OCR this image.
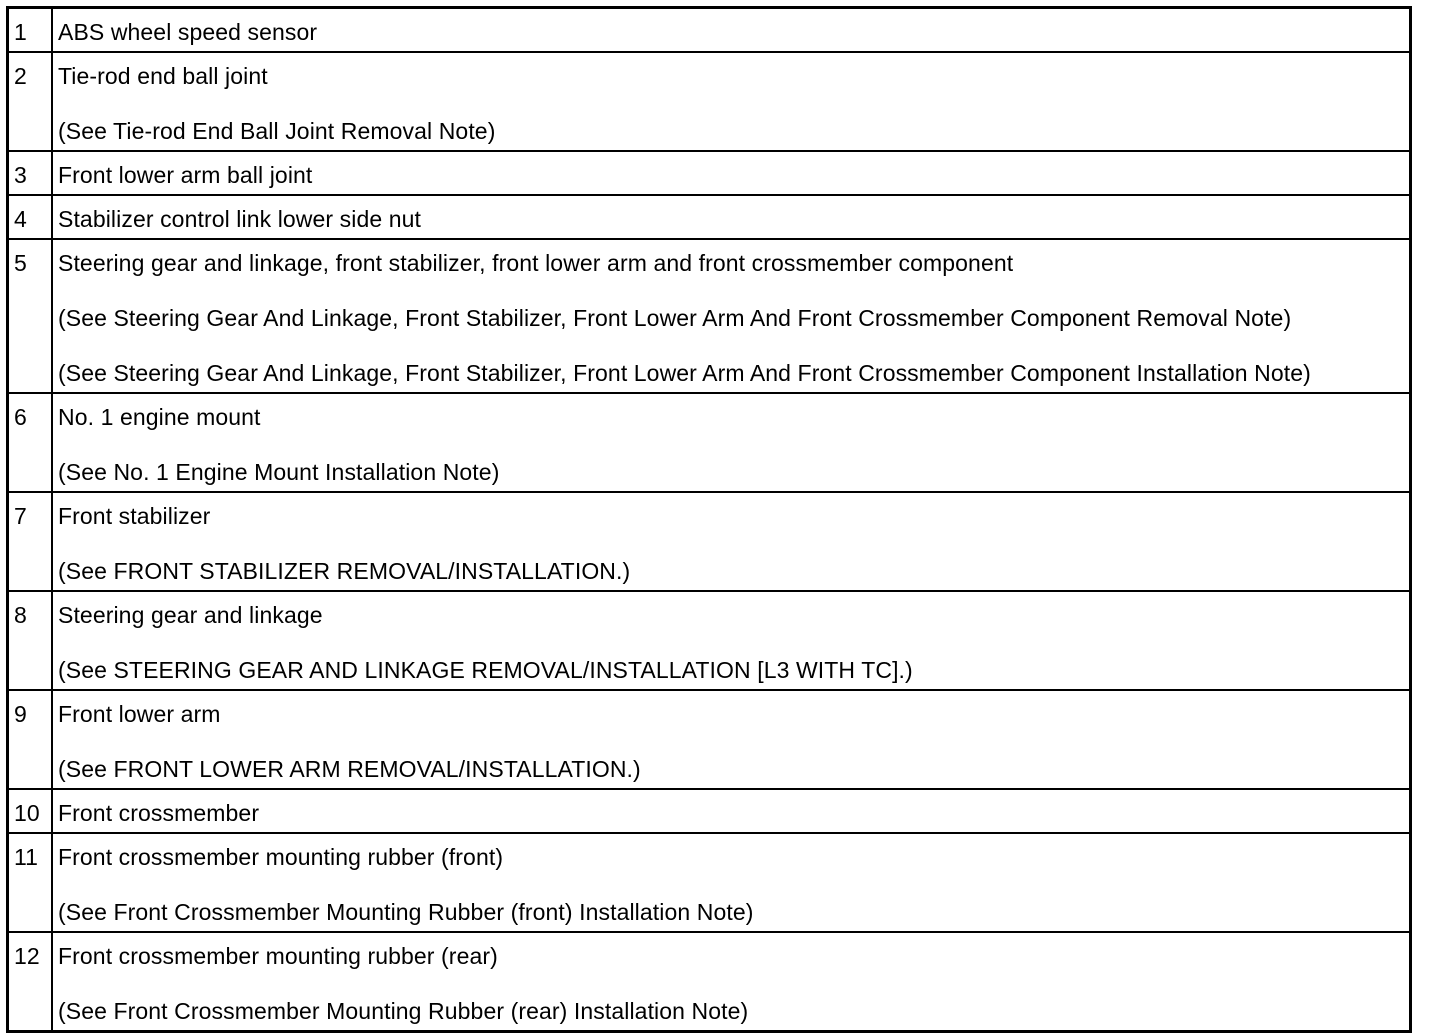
1	ABS wheel speed sensor

2	Tie-rod end ball joint
(See Tie-rod End Ball Joint Removal Note)

3	Front lower arm ball joint

4	Stabilizer control link lower side nut

5	Steering gear and linkage, front stabilizer, front lower arm and front crossmember component
(See Steering Gear And Linkage, Front Stabilizer, Front Lower Arm And Front Crossmember Component Removal Note)
(See Steering Gear And Linkage, Front Stabilizer, Front Lower Arm And Front Crossmember Component Installation Note)

6	No. 1 engine mount
(See No. 1 Engine Mount Installation Note)

7	Front stabilizer
(See FRONT STABILIZER REMOVAL/INSTALLATION.)

8	Steering gear and linkage
(See STEERING GEAR AND LINKAGE REMOVAL/INSTALLATION [L3 WITH TC].)

9	Front lower arm
(See FRONT LOWER ARM REMOVAL/INSTALLATION.)

10	Front crossmember

11	Front crossmember mounting rubber (front)
(See Front Crossmember Mounting Rubber (front) Installation Note)

12	Front crossmember mounting rubber (rear)
(See Front Crossmember Mounting Rubber (rear) Installation Note)
